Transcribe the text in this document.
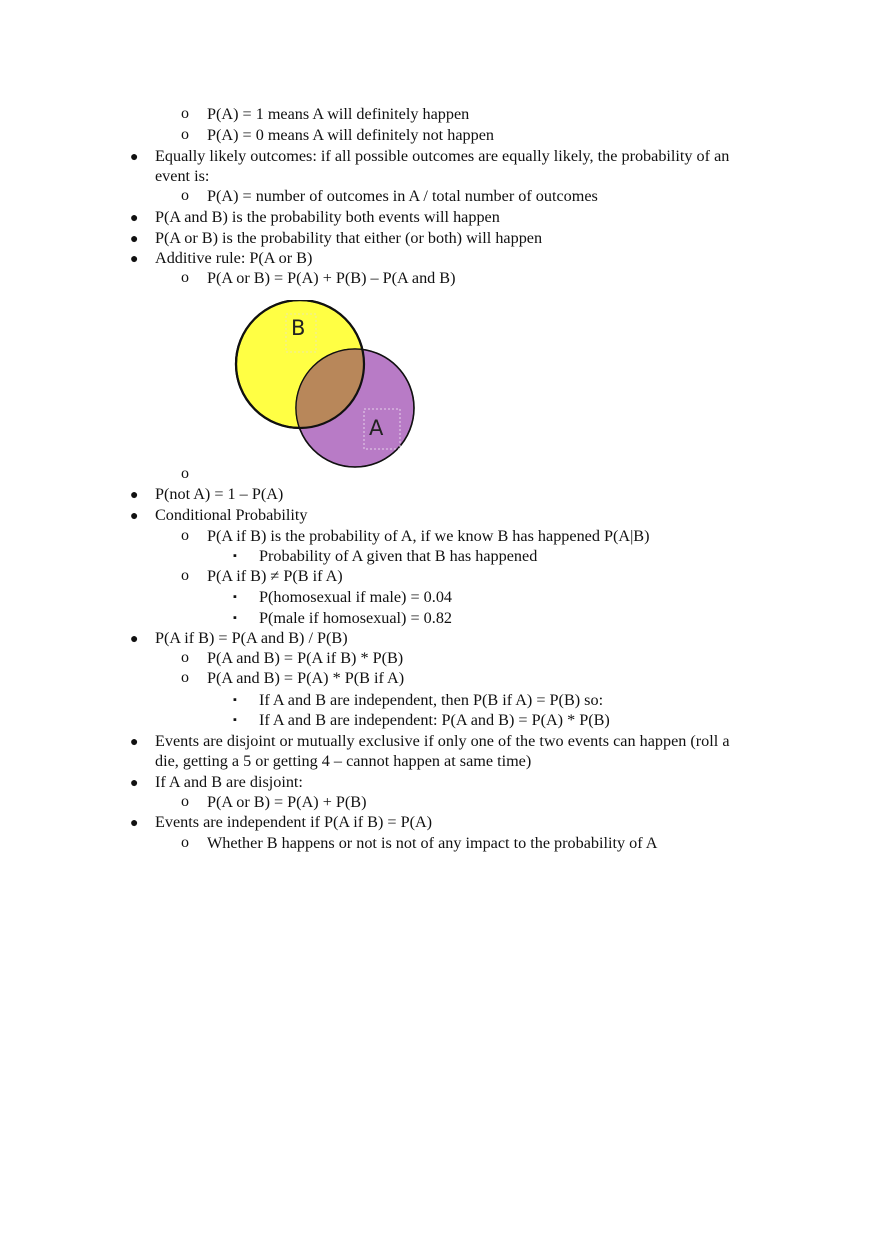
o P(A) = 1 means A will definitely happen
o P(A) = 0 means A will definitely not happen
● Equally likely outcomes: if all possible outcomes are equally likely, the probability of an
event is:
o P(A) = number of outcomes in A / total number of outcomes
● P(A and B) is the probability both events will happen
● P(A or B) is the probability that either (or both) will happen
● Additive rule: P(A or B)
o P(A or B) = P(A) + P(B) – P(A and B)
B
A
o
● P(not A) = 1 – P(A)
● Conditional Probability
o P(A if B) is the probability of A, if we know B has happened P(A|B)
▪ Probability of A given that B has happened
o P(A if B) ≠ P(B if A)
▪ P(homosexual if male) = 0.04
▪ P(male if homosexual) = 0.82
● P(A if B) = P(A and B) / P(B)
o P(A and B) = P(A if B) * P(B)
o P(A and B) = P(A) * P(B if A)
▪ If A and B are independent, then P(B if A) = P(B) so:
▪ If A and B are independent: P(A and B) = P(A) * P(B)
● Events are disjoint or mutually exclusive if only one of the two events can happen (roll a
die, getting a 5 or getting 4 – cannot happen at same time)
● If A and B are disjoint:
o P(A or B) = P(A) + P(B)
● Events are independent if P(A if B) = P(A)
o Whether B happens or not is not of any impact to the probability of A
